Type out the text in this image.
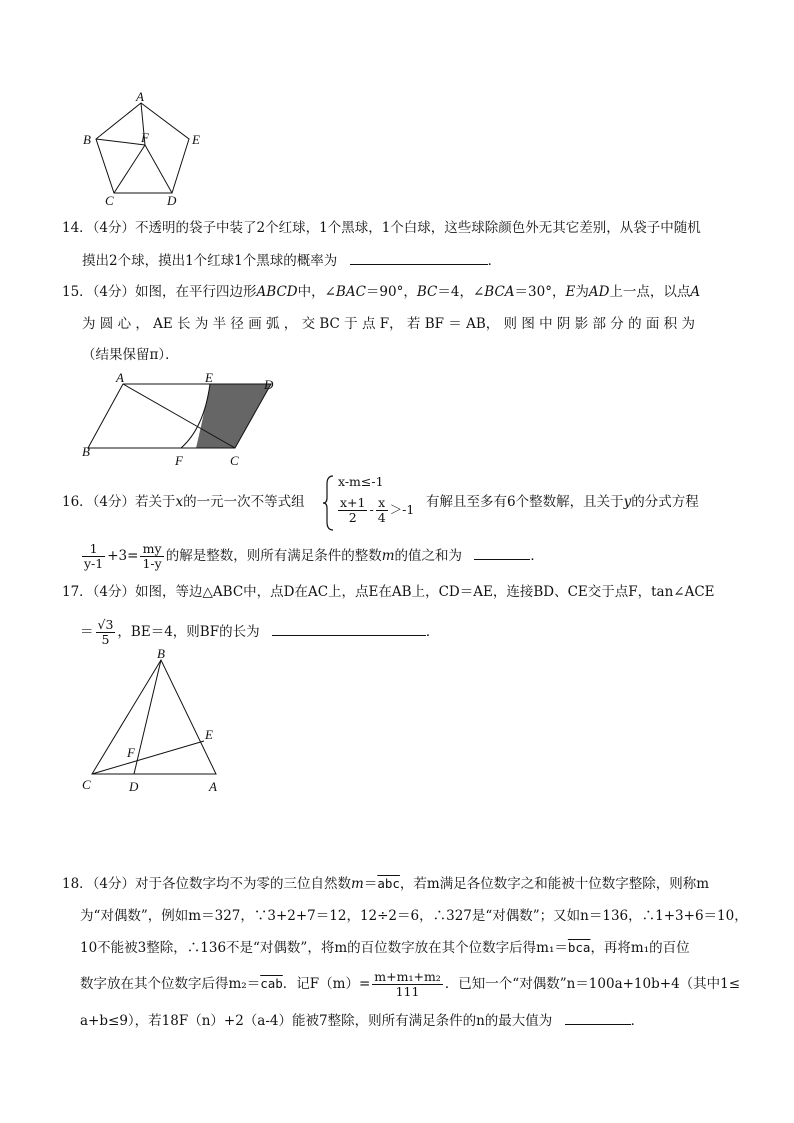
A
B	F	E
C	D
14．（4分）不透明的袋子中装了2个红球，1个黑球，1个白球，这些球除颜色外无其它差别，从袋子中随机
摸出2个球，摸出1个红球1个黑球的概率为	．
15．（4分）如图，在平行四边形ABCD中，∠BAC＝90°，BC＝4，∠BCA＝30°，E为AD上一点，以点A
为 圆 心 ， AE 长 为 半 径 画 弧 ， 交 BC 于 点 F， 若 BF ＝ AB， 则 图 中 阴 影 部 分 的 面 积 为
（结果保留π）．
A	E	D
B
F	C
16．（4分）若关于x的一元一次不等式组
x-m≤-1
$\frac{x+1}{2} - \frac{x}{4} >-1$ 有解且至多有6个整数解，且关于y的分式方程
$\frac{1}{y-1} +3= \frac{my}{1-y}$ 的解是整数，则所有满足条件的整数m的值之和为	．
17．（4分）如图，等边△ABC中，点D在AC上，点E在AB上，CD＝AE，连接BD、CE交于点F，tan∠ACE
＝ $\frac{√3}{5}$ ，BE＝4，则BF的长为	．
B
E
F
C	D	A
18．（4分）对于各位数字均不为零的三位自然数$m=\overline{abc}$，若m满足各位数字之和能被十位数字整除，则称m
为“对偶数”，例如m＝327，∵3+2+7＝12，12÷2＝6，∴327是“对偶数”；又如n＝136，∴1+3+6＝10，
10不能被3整除，∴136不是“对偶数”，将m的百位数字放在其个位数字后得$m_1=\overline{bca}$，再将m₁的百位
数字放在其个位数字后得$m_2=\overline{cab}$．记$F(m)= \frac{\text{m+m₁+m₂}}{111}$ ．已知一个“对偶数”n＝100a+10b+4（其中1≤
a+b≤9），若18F（n）+2（a-4）能被7整除，则所有满足条件的n的最大值为	．
